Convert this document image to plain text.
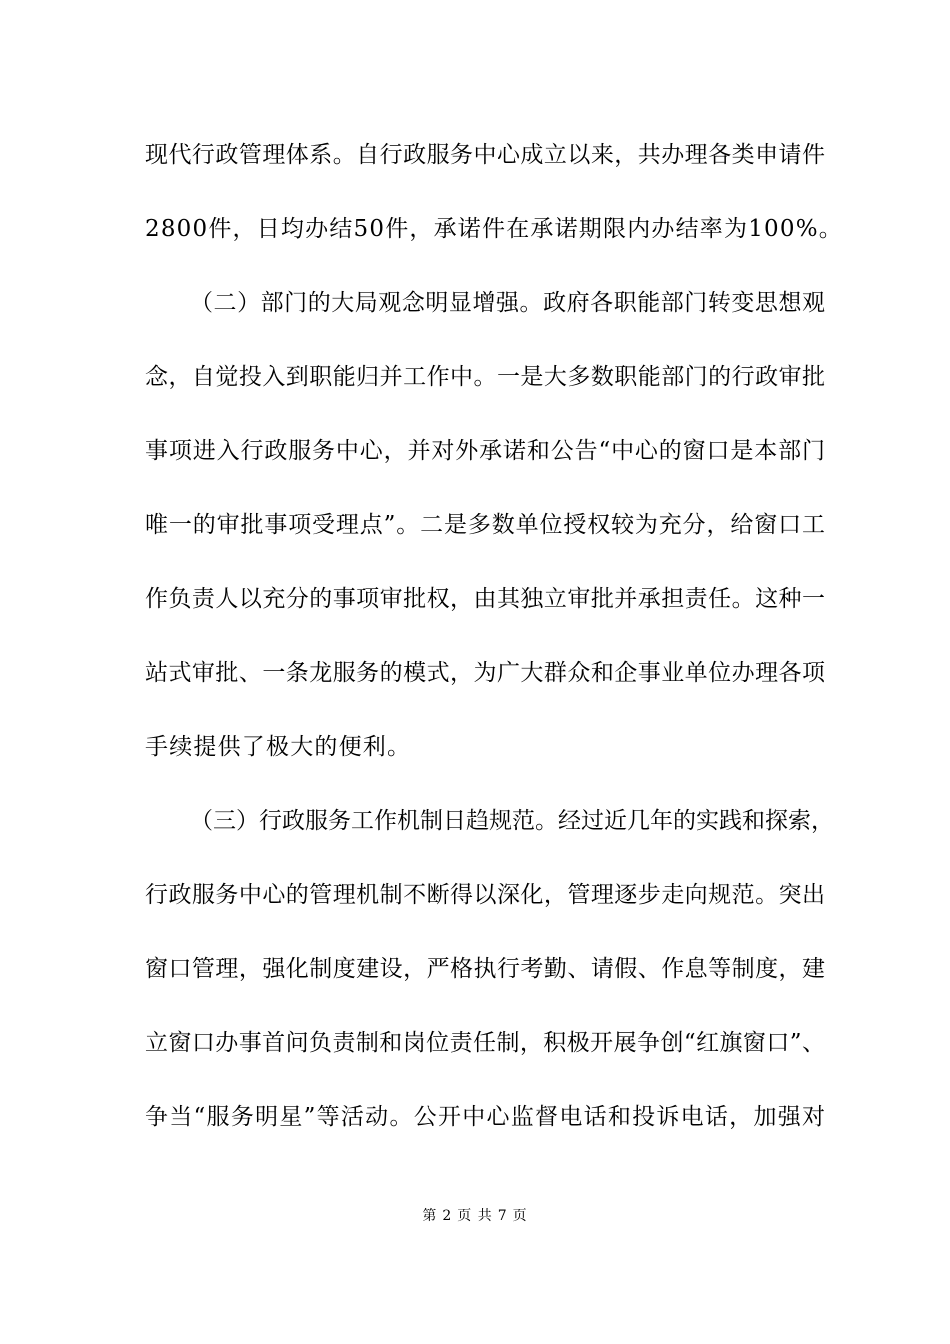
现代行政管理体系。自行政服务中心成立以来，共办理各类申请件
2800件，日均办结50件，承诺件在承诺期限内办结率为100%。
（二）部门的大局观念明显增强。政府各职能部门转变思想观
念，自觉投入到职能归并工作中。一是大多数职能部门的行政审批
事项进入行政服务中心，并对外承诺和公告“中心的窗口是本部门
唯一的审批事项受理点”。二是多数单位授权较为充分，给窗口工
作负责人以充分的事项审批权，由其独立审批并承担责任。这种一
站式审批、一条龙服务的模式，为广大群众和企事业单位办理各项
手续提供了极大的便利。
（三）行政服务工作机制日趋规范。经过近几年的实践和探索，
行政服务中心的管理机制不断得以深化，管理逐步走向规范。突出
窗口管理，强化制度建设，严格执行考勤、请假、作息等制度，建
立窗口办事首问负责制和岗位责任制，积极开展争创“红旗窗口”、
争当“服务明星”等活动。公开中心监督电话和投诉电话，加强对
第 2 页 共 7 页
